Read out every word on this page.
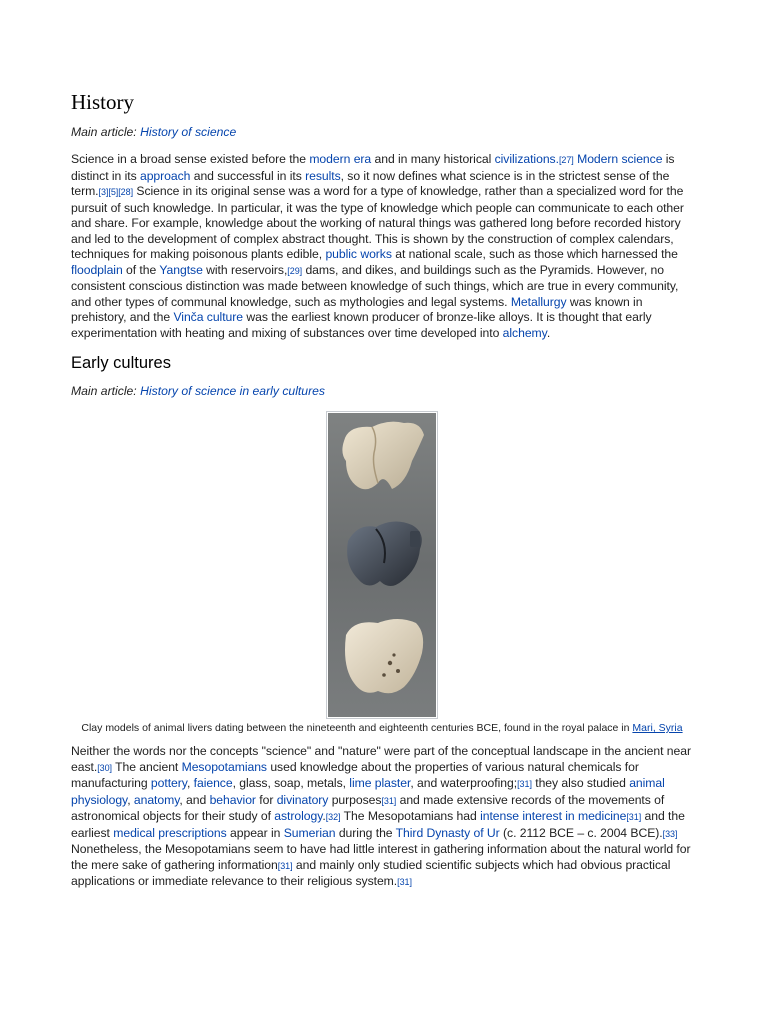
History
Main article: History of science

Science in a broad sense existed before the modern era and in many historical civilizations.[27] Modern science is distinct in its approach and successful in its results, so it now defines what science is in the strictest sense of the term.[3][5][28] Science in its original sense was a word for a type of knowledge, rather than a specialized word for the pursuit of such knowledge. In particular, it was the type of knowledge which people can communicate to each other and share. For example, knowledge about the working of natural things was gathered long before recorded history and led to the development of complex abstract thought. This is shown by the construction of complex calendars, techniques for making poisonous plants edible, public works at national scale, such as those which harnessed the floodplain of the Yangtse with reservoirs,[29] dams, and dikes, and buildings such as the Pyramids. However, no consistent conscious distinction was made between knowledge of such things, which are true in every community, and other types of communal knowledge, such as mythologies and legal systems. Metallurgy was known in prehistory, and the Vinča culture was the earliest known producer of bronze-like alloys. It is thought that early experimentation with heating and mixing of substances over time developed into alchemy.

Early cultures
Main article: History of science in early cultures
Clay models of animal livers dating between the nineteenth and eighteenth centuries BCE, found in the royal palace in Mari, Syria

Neither the words nor the concepts "science" and "nature" were part of the conceptual landscape in the ancient near east.[30] The ancient Mesopotamians used knowledge about the properties of various natural chemicals for manufacturing pottery, faience, glass, soap, metals, lime plaster, and waterproofing;[31] they also studied animal physiology, anatomy, and behavior for divinatory purposes[31] and made extensive records of the movements of astronomical objects for their study of astrology.[32] The Mesopotamians had intense interest in medicine[31] and the earliest medical prescriptions appear in Sumerian during the Third Dynasty of Ur (c. 2112 BCE – c. 2004 BCE).[33] Nonetheless, the Mesopotamians seem to have had little interest in gathering information about the natural world for the mere sake of gathering information[31] and mainly only studied scientific subjects which had obvious practical applications or immediate relevance to their religious system.[31]
